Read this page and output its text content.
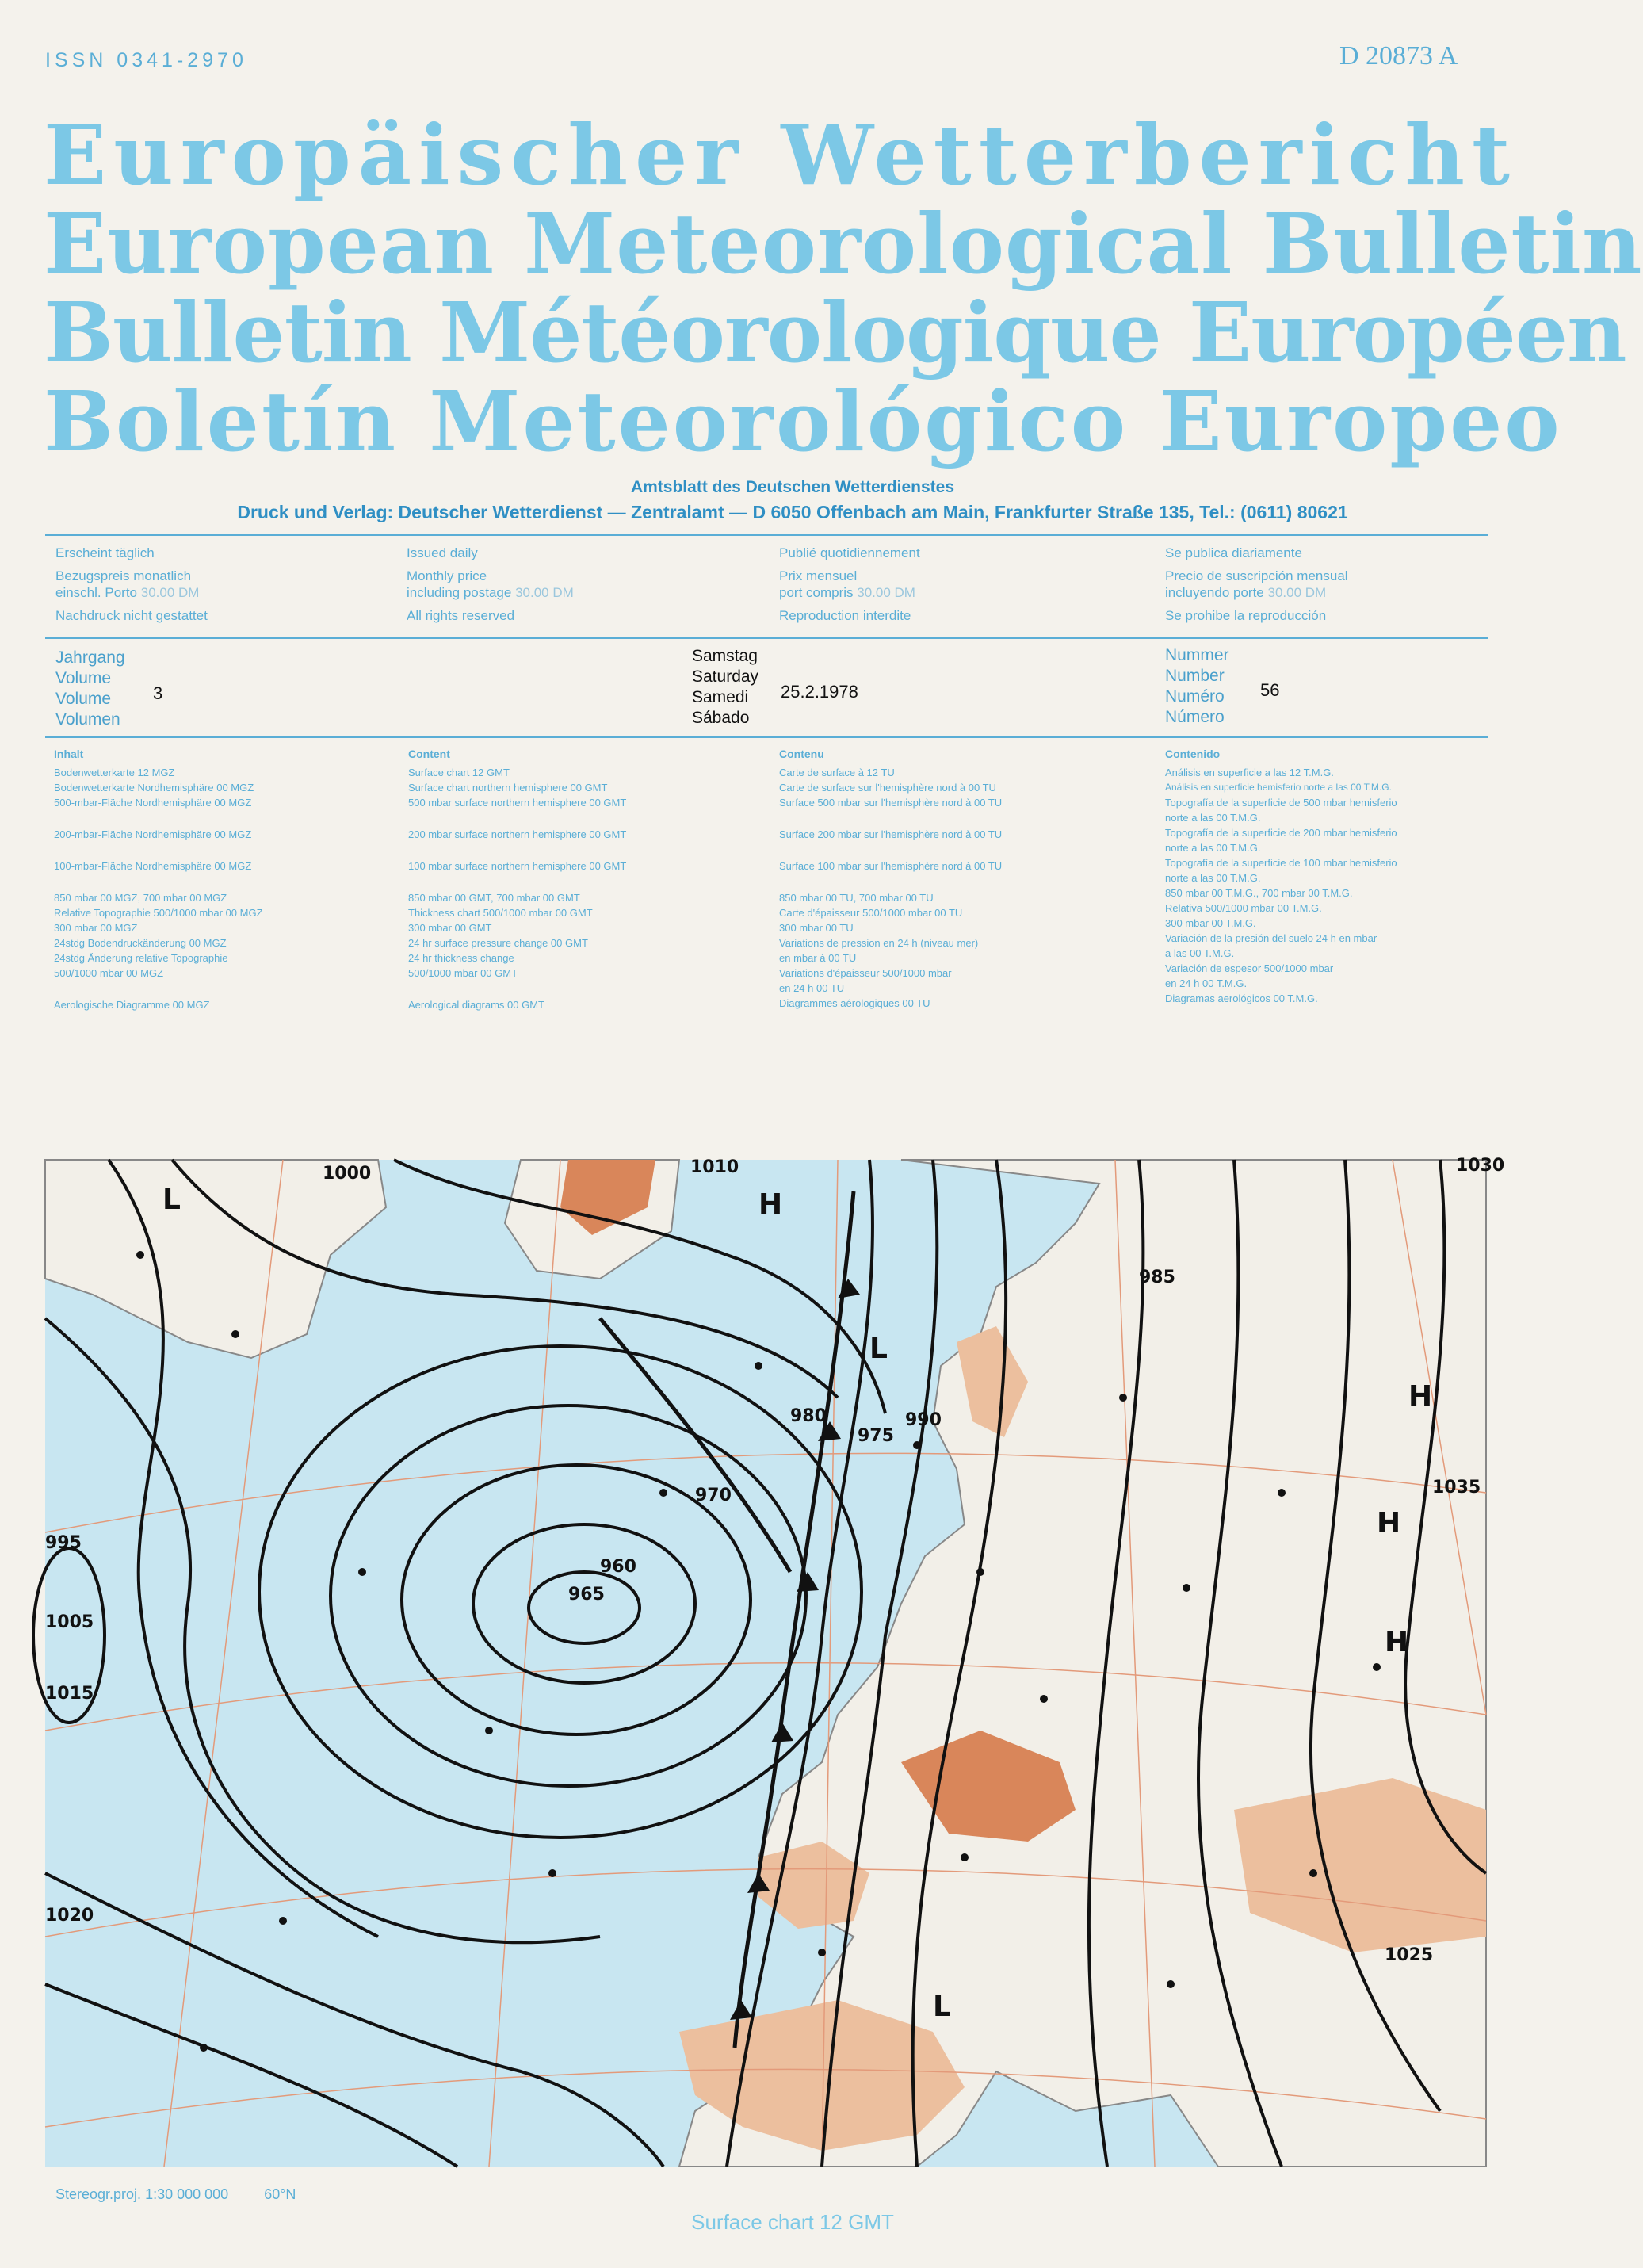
ISSN 0341-2970	D 20873 A
Europäischer Wetterbericht
European Meteorological Bulletin
Bulletin Météorologique Européen
Boletín Meteorológico Europeo
Amtsblatt des Deutschen Wetterdienstes
Druck und Verlag: Deutscher Wetterdienst — Zentralamt — D 6050 Offenbach am Main, Frankfurter Straße 135, Tel.: (0611) 80621

Erscheint täglich

Bezugspreis monatlich

einschl. Porto 30.00 DM

Nachdruck nicht gestattet

Issued daily

Monthly price

including postage 30.00 DM

All rights reserved

Publié quotidiennement

Prix mensuel

port compris 30.00 DM

Reproduction interdite

Se publica diariamente

Precio de suscripción mensual

incluyendo porte 30.00 DM

Se prohibe la reproducción

Jahrgang
Volume
Volume
Volumen
3
Samstag
Saturday
Samedi
Sábado
25.2.1978
Nummer
Number
Numéro
Número
56
Inhalt
Bodenwetterkarte 12 MGZ
Bodenwetterkarte Nordhemisphäre 00 MGZ
500-mbar-Fläche Nordhemisphäre 00 MGZ
200-mbar-Fläche Nordhemisphäre 00 MGZ
100-mbar-Fläche Nordhemisphäre 00 MGZ
850 mbar 00 MGZ, 700 mbar 00 MGZ
Relative Topographie 500/1000 mbar 00 MGZ
300 mbar 00 MGZ
24stdg Bodendruckänderung 00 MGZ
24stdg Änderung relative Topographie
500/1000 mbar 00 MGZ
Aerologische Diagramme 00 MGZ
Content
Surface chart 12 GMT
Surface chart northern hemisphere 00 GMT
500 mbar surface northern hemisphere 00 GMT
200 mbar surface northern hemisphere 00 GMT
100 mbar surface northern hemisphere 00 GMT
850 mbar 00 GMT, 700 mbar 00 GMT
Thickness chart 500/1000 mbar 00 GMT
300 mbar 00 GMT
24 hr surface pressure change 00 GMT
24 hr thickness change
500/1000 mbar 00 GMT
Aerological diagrams 00 GMT
Contenu
Carte de surface à 12 TU
Carte de surface sur l'hemisphère nord à 00 TU
Surface 500 mbar sur l'hemisphère nord à 00 TU
Surface 200 mbar sur l'hemisphère nord à 00 TU
Surface 100 mbar sur l'hemisphère nord à 00 TU
850 mbar 00 TU, 700 mbar 00 TU
Carte d'épaisseur 500/1000 mbar 00 TU
300 mbar 00 TU
Variations de pression en 24 h (niveau mer)
en mbar à 00 TU
Variations d'épaisseur 500/1000 mbar
en 24 h 00 TU
Diagrammes aérologiques 00 TU
Contenido
Análisis en superficie a las 12 T.M.G.
Análisis en superficie hemisferio norte a las 00 T.M.G.
Topografía de la superficie de 500 mbar hemisferio
norte a las 00 T.M.G.
Topografía de la superficie de 200 mbar hemisferio
norte a las 00 T.M.G.
Topografía de la superficie de 100 mbar hemisferio
norte a las 00 T.M.G.
850 mbar 00 T.M.G., 700 mbar 00 T.M.G.
Relativa 500/1000 mbar 00 T.M.G.
300 mbar 00 T.M.G.
Variación de la presión del suelo 24 h en mbar
a las 00 T.M.G.
Variación de espesor 500/1000 mbar
en 24 h 00 T.M.G.
Diagramas aerológicos 00 T.M.G.
1010
1000
990
980
970
965
960
995
1005
1015
1020
1025
1030
1035
985
975
L
L
H
H
H
H
L
Stereogr.proj. 1:30 000 000	60°N
Surface chart 12 GMT
